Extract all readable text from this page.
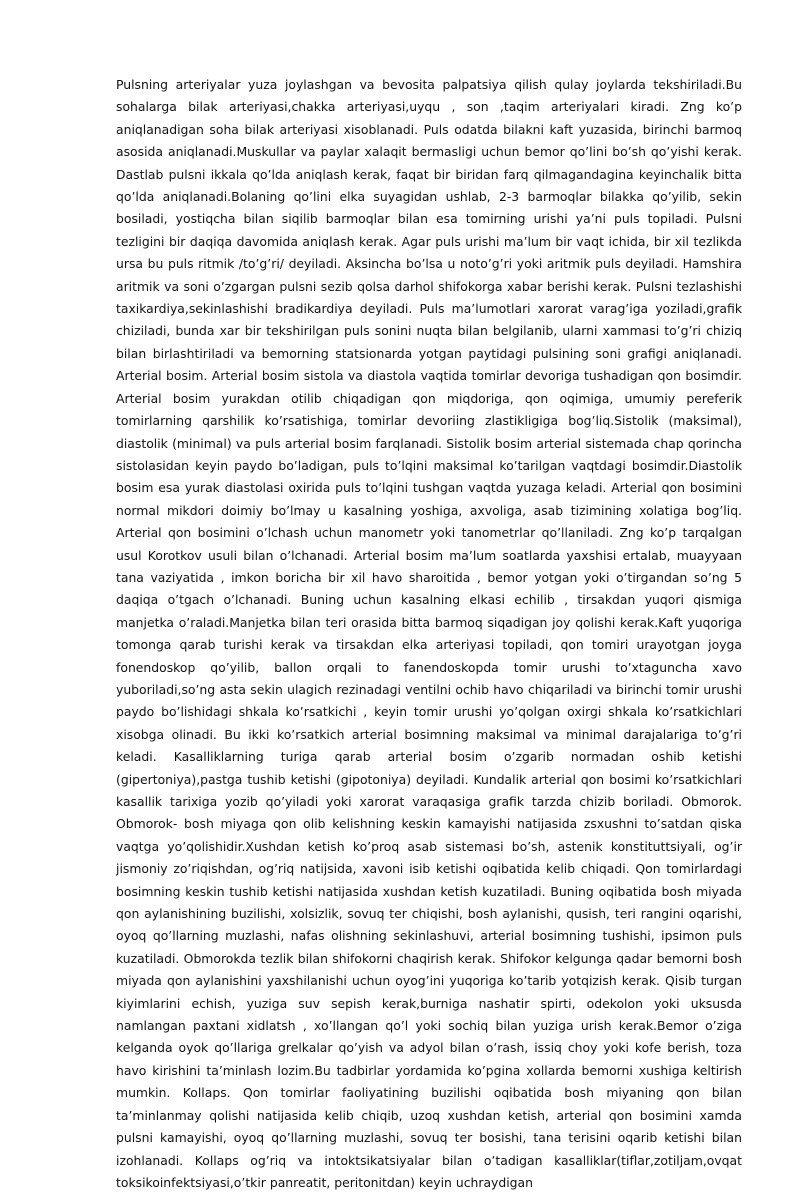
Pulsning arteriyalar yuza joylashgan va bevosita palpatsiya qilish qulay joylarda tekshiriladi.Bu sohalarga bilak arteriyasi,chakka arteriyasi,uyqu , son ,taqim arteriyalari kiradi. Zng ko’p aniqlanadigan soha bilak arteriyasi xisoblanadi. Puls odatda bilakni kaft yuzasida, birinchi barmoq asosida aniqlanadi.Muskullar va paylar xalaqit bermasligi uchun bemor qo’lini bo’sh qo’yishi kerak. Dastlab pulsni ikkala qo’lda aniqlash kerak, faqat bir biridan farq qilmagandagina keyinchalik bitta qo’lda aniqlanadi.Bolaning qo’lini elka suyagidan ushlab, 2-3 barmoqlar bilakka qo’yilib, sekin bosiladi, yostiqcha bilan siqilib barmoqlar bilan esa tomirning urishi ya’ni puls topiladi. Pulsni tezligini bir daqiqa davomida aniqlash kerak. Agar puls urishi ma’lum bir vaqt ichida, bir xil tezlikda ursa bu puls ritmik /to’g’ri/ deyiladi. Aksincha bo’lsa u noto’g’ri yoki aritmik puls deyiladi. Hamshira aritmik va soni o’zgargan pulsni sezib qolsa darhol shifokorga xabar berishi kerak. Pulsni tezlashishi taxikardiya,sekinlashishi bradikardiya deyiladi. Puls ma’lumotlari xarorat varag’iga yoziladi,grafik chiziladi, bunda xar bir tekshirilgan puls sonini nuqta bilan belgilanib, ularni xammasi to’g’ri chiziq bilan birlashtiriladi va bemorning statsionarda yotgan paytidagi pulsining soni grafigi aniqlanadi. Arterial bosim. Arterial bosim sistola va diastola vaqtida tomirlar devoriga tushadigan qon bosimdir. Arterial bosim yurakdan otilib chiqadigan qon miqdoriga, qon oqimiga, umumiy pereferik tomirlarning qarshilik ko’rsatishiga, tomirlar devoriing zlastikligiga bog’liq.Sistolik (maksimal), diastolik (minimal) va puls arterial bosim farqlanadi. Sistolik bosim arterial sistemada chap qorincha sistolasidan keyin paydo bo’ladigan, puls to’lqini maksimal ko’tarilgan vaqtdagi bosimdir.Diastolik bosim esa yurak diastolasi oxirida puls to’lqini tushgan vaqtda yuzaga keladi. Arterial qon bosimini normal mikdori doimiy bo’lmay u kasalning yoshiga, axvoliga, asab tizimining xolatiga bog’liq. Arterial qon bosimini o’lchash uchun manometr yoki tanometrlar qo’llaniladi. Zng ko’p tarqalgan usul Korotkov usuli bilan o’lchanadi. Arterial bosim ma’lum soatlarda yaxshisi ertalab, muayyaan tana vaziyatida , imkon boricha bir xil havo sharoitida , bemor yotgan yoki o’tirgandan so’ng 5 daqiqa o’tgach o’lchanadi. Buning uchun kasalning elkasi echilib , tirsakdan yuqori qismiga manjetka o’raladi.Manjetka bilan teri orasida bitta barmoq siqadigan joy qolishi kerak.Kaft yuqoriga tomonga qarab turishi kerak va tirsakdan elka arteriyasi topiladi, qon tomiri urayotgan joyga fonendoskop qo’yilib, ballon orqali to fanendoskopda tomir urushi to’xtaguncha xavo yuboriladi,so’ng asta sekin ulagich rezinadagi ventilni ochib havo chiqariladi va birinchi tomir urushi paydo bo’lishidagi shkala ko’rsatkichi , keyin tomir urushi yo’qolgan oxirgi shkala ko’rsatkichlari xisobga olinadi. Bu ikki ko’rsatkich arterial bosimning maksimal va minimal darajalariga to’g’ri keladi. Kasalliklarning turiga qarab arterial bosim o’zgarib normadan oshib ketishi (gipertoniya),pastga tushib ketishi (gipotoniya) deyiladi. Kundalik arterial qon bosimi ko’rsatkichlari kasallik tarixiga yozib qo’yiladi yoki xarorat varaqasiga grafik tarzda chizib boriladi. Obmorok. Obmorok- bosh miyaga qon olib kelishning keskin kamayishi natijasida zsxushni to’satdan qiska vaqtga yo’qolishidir.Xushdan ketish ko’proq asab sistemasi bo’sh, astenik konstituttsiyali, og’ir jismoniy zo’riqishdan, og’riq natijsida, xavoni isib ketishi oqibatida kelib chiqadi. Qon tomirlardagi bosimning keskin tushib ketishi natijasida xushdan ketish kuzatiladi. Buning oqibatida bosh miyada qon aylanishining buzilishi, xolsizlik, sovuq ter chiqishi, bosh aylanishi, qusish, teri rangini oqarishi, oyoq qo’llarning muzlashi, nafas olishning sekinlashuvi, arterial bosimning tushishi, ipsimon puls kuzatiladi. Obmorokda tezlik bilan shifokorni chaqirish kerak. Shifokor kelgunga qadar bemorni bosh miyada qon aylanishini yaxshilanishi uchun oyog’ini yuqoriga ko’tarib yotqizish kerak. Qisib turgan kiyimlarini echish, yuziga suv sepish kerak,burniga nashatir spirti, odekolon yoki uksusda namlangan paxtani xidlatsh , xo’llangan qo’l yoki sochiq bilan yuziga urish kerak.Bemor o’ziga kelganda oyok qo’llariga grelkalar qo’yish va adyol bilan o’rash, issiq choy yoki kofe berish, toza havo kirishini ta’minlash lozim.Bu tadbirlar yordamida ko’pgina xollarda bemorni xushiga keltirish mumkin. Kollaps. Qon tomirlar faoliyatining buzilishi oqibatida bosh miyaning qon bilan ta’minlanmay qolishi natijasida kelib chiqib, uzoq xushdan ketish, arterial qon bosimini xamda pulsni kamayishi, oyoq qo’llarning muzlashi, sovuq ter bosishi, tana terisini oqarib ketishi bilan izohlanadi. Kollaps og’riq va intoktsikatsiyalar bilan o’tadigan kasalliklar(tiflar,zotiljam,ovqat toksikoinfektsiyasi,o’tkir panreatit, peritonitdan) keyin uchraydigan
